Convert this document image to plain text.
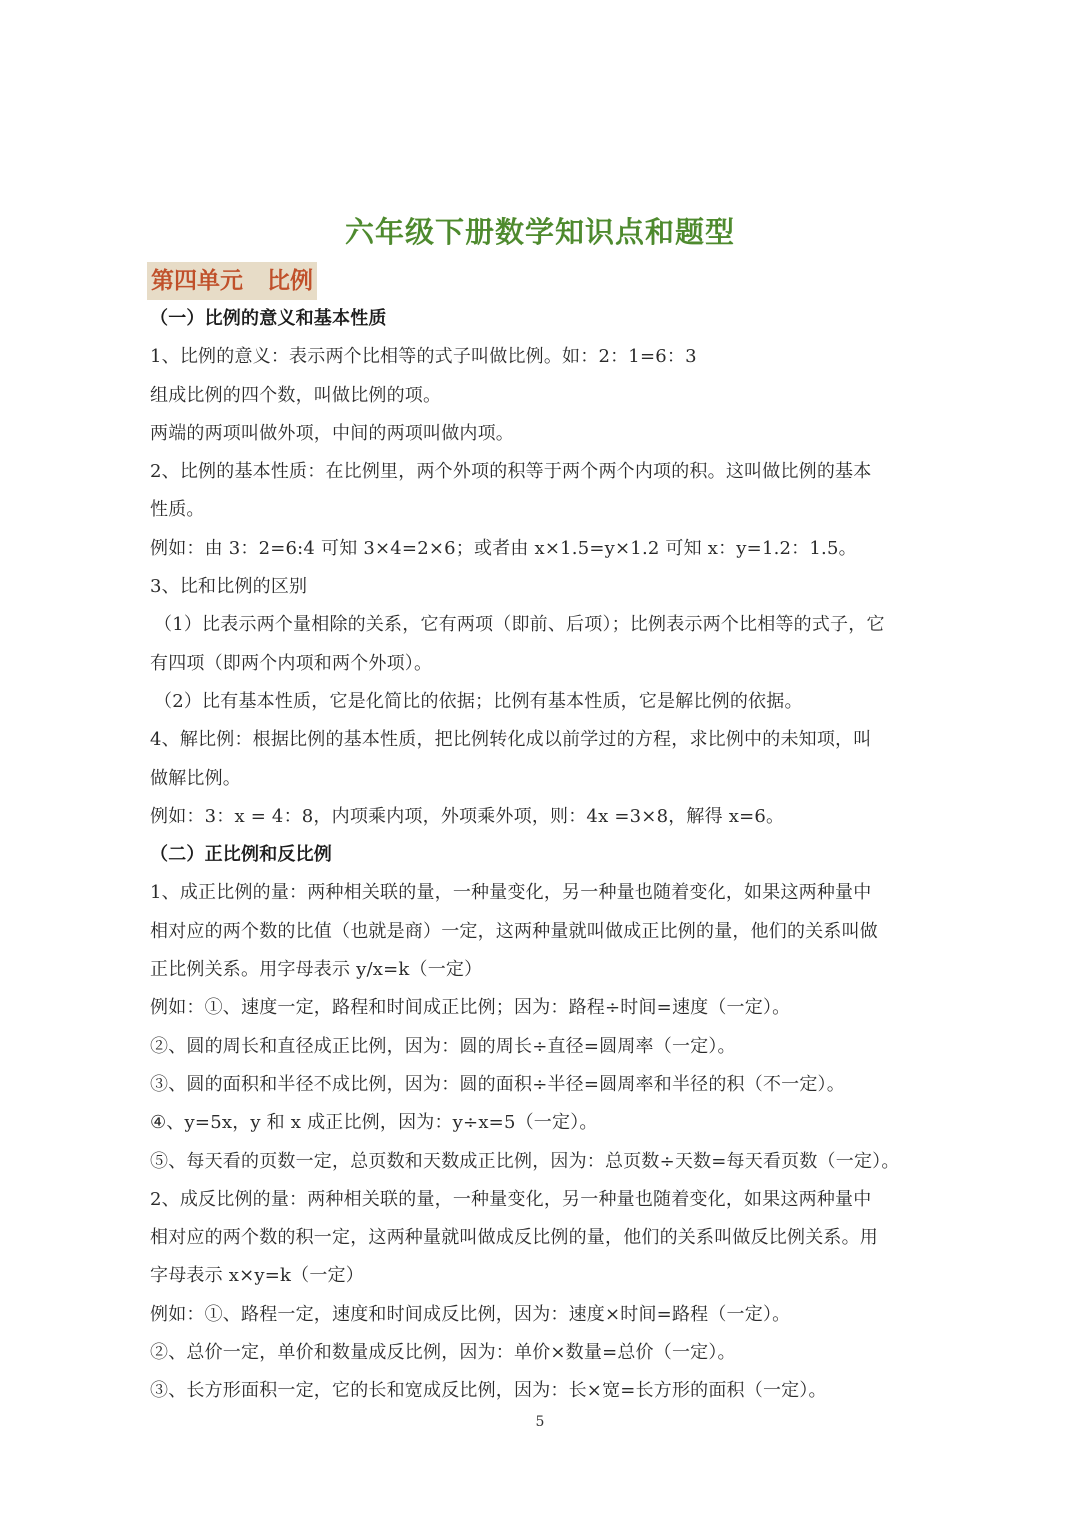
六年级下册数学知识点和题型
第四单元   比例
（一）比例的意义和基本性质
1、比例的意义：表示两个比相等的式子叫做比例。如：2：1=6：3
组成比例的四个数，叫做比例的项。
两端的两项叫做外项，中间的两项叫做内项。
2、比例的基本性质：在比例里，两个外项的积等于两个两个内项的积。这叫做比例的基本
性质。
例如：由 3：2=6:4 可知 3×4=2×6；或者由 x×1.5=y×1.2 可知 x：y=1.2：1.5。
3、比和比例的区别
（1）比表示两个量相除的关系，它有两项（即前、后项）；比例表示两个比相等的式子，它
有四项（即两个内项和两个外项）。
（2）比有基本性质，它是化简比的依据；比例有基本性质，它是解比例的依据。
4、解比例：根据比例的基本性质，把比例转化成以前学过的方程，求比例中的未知项，叫
做解比例。
例如：3：x = 4：8，内项乘内项，外项乘外项，则：4x =3×8，解得 x=6。
（二）正比例和反比例
1、成正比例的量：两种相关联的量，一种量变化，另一种量也随着变化，如果这两种量中
相对应的两个数的比值（也就是商）一定，这两种量就叫做成正比例的量，他们的关系叫做
正比例关系。用字母表示 y/x=k（一定）
例如：①、速度一定，路程和时间成正比例；因为：路程÷时间=速度（一定）。
②、圆的周长和直径成正比例，因为：圆的周长÷直径=圆周率（一定）。
③、圆的面积和半径不成比例，因为：圆的面积÷半径=圆周率和半径的积（不一定）。
④、y=5x，y 和 x 成正比例，因为：y÷x=5（一定）。
⑤、每天看的页数一定，总页数和天数成正比例，因为：总页数÷天数=每天看页数（一定）。
2、成反比例的量：两种相关联的量，一种量变化，另一种量也随着变化，如果这两种量中
相对应的两个数的积一定，这两种量就叫做成反比例的量，他们的关系叫做反比例关系。用
字母表示 x×y=k（一定）
例如：①、路程一定，速度和时间成反比例，因为：速度×时间=路程（一定）。
②、总价一定，单价和数量成反比例，因为：单价×数量=总价（一定）。
③、长方形面积一定，它的长和宽成反比例，因为：长×宽=长方形的面积（一定）。
5
